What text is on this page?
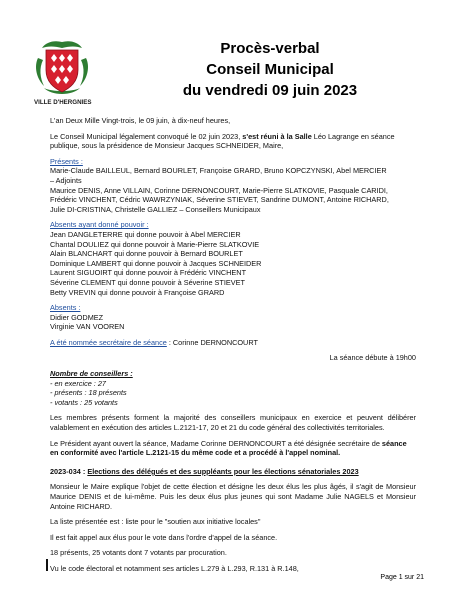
VILLE D'HERGNIES
Procès-verbal
Conseil Municipal
du vendredi 09 juin 2023

L'an Deux Mille Vingt-trois, le 09 juin, à dix-neuf heures,

Le Conseil Municipal légalement convoqué le 02 juin 2023, s'est réuni à la Salle Léo Lagrange en séance publique, sous la présidence de Monsieur Jacques SCHNEIDER, Maire,

Présents :

Marie-Claude BAILLEUL, Bernard BOURLET, Françoise GRARD, Bruno KOPCZYNSKI, Abel MERCIER

– Adjoints

Maurice DENIS, Anne VILLAIN, Corinne DERNONCOURT, Marie-Pierre SLATKOVIE, Pasquale CARIDI,

Frédéric VINCHENT, Cédric WAWRZYNIAK, Séverine STIEVET, Sandrine DUMONT, Antoine RICHARD,

Julie DI-CRISTINA, Christelle GALLIEZ – Conseillers Municipaux

Absents ayant donné pouvoir :

Jean DANGLETERRE qui donne pouvoir à Abel MERCIER

Chantal DOULIEZ qui donne pouvoir à Marie-Pierre SLATKOVIE

Alain BLANCHART qui donne pouvoir à Bernard BOURLET

Dominique LAMBERT qui donne pouvoir à Jacques SCHNEIDER

Laurent SIGUOIRT qui donne pouvoir à Frédéric VINCHENT

Séverine CLEMENT qui donne pouvoir à Séverine STIEVET

Betty VREVIN qui donne pouvoir à Françoise GRARD

Absents :

Didier GODMEZ

Virginie VAN VOOREN

A été nommée secrétaire de séance : Corinne DERNONCOURT

La séance débute à 19h00

Nombre de conseillers :

- en exercice : 27

- présents : 18 présents

- votants : 25 votants

Les membres présents forment la majorité des conseillers municipaux en exercice et peuvent délibérer valablement en exécution des articles L.2121-17, 20 et 21 du code général des collectivités territoriales.

Le Président ayant ouvert la séance, Madame Corinne DERNONCOURT a été désignée secrétaire de séance en conformité avec l'article L.2121-15 du même code et a procédé à l'appel nominal.

2023-034 : Elections des délégués et des suppléants pour les élections sénatoriales 2023

Monsieur le Maire explique l'objet de cette élection et désigne les deux élus les plus âgés, il s'agit de Monsieur Maurice DENIS et de lui-même. Puis les deux élus plus jeunes qui sont Madame Julie NAGELS et Monsieur Antoine RICHARD.

La liste présentée est : liste pour le "soutien aux initiative locales"

Il est fait appel aux élus pour le vote dans l'ordre d'appel de la séance.

18 présents, 25 votants dont 7 votants par procuration.

Vu le code électoral et notamment ses articles L.279 à L.293, R.131 à R.148,

Page 1 sur 21
